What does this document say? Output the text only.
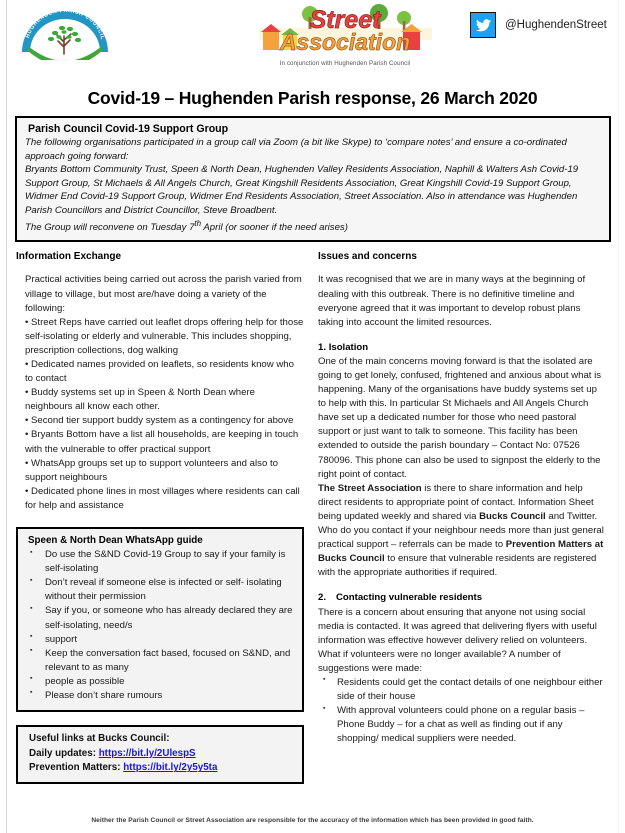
HUGHENDEN PARISH COUNCIL
Street
Association
In conjunction with Hughenden Parish Council
@HughendenStreet
Covid-19 – Hughenden Parish response, 26 March 2020
Parish Council Covid-19 Support Group
The following organisations participated in a group call via Zoom (a bit like Skype) to ‘compare notes’ and ensure a co-ordinated approach going forward:
Bryants Bottom Community Trust, Speen & North Dean, Hughenden Valley Residents Association, Naphill & Walters Ash Covid-19 Support Group, St Michaels & All Angels Church, Great Kingshill Residents Association, Great Kingshill Covid-19 Support Group, Widmer End Covid-19 Support Group, Widmer End Residents Association, Street Association. Also in attendance was Hughenden Parish Councillors and District Councillor, Steve Broadbent.
The Group will reconvene on Tuesday 7th April (or sooner if the need arises)
Information Exchange

Practical activities being carried out across the parish varied from village to village, but most are/have doing a variety of the following:

• Street Reps have carried out leaflet drops offering help for those self-isolating or elderly and vulnerable. This includes shopping, prescription collections, dog walking

• Dedicated names provided on leaflets, so residents know who to contact

• Buddy systems set up in Speen & North Dean where neighbours all know each other.

• Second tier support buddy system as a contingency for above

• Bryants Bottom have a list all households, are keeping in touch with the vulnerable to offer practical support

• WhatsApp groups set up to support volunteers and also to support neighbours

• Dedicated phone lines in most villages where residents can call for help and assistance

Speen & North Dean WhatsApp guide
▪ Do use the S&ND Covid-19 Group to say if your family is self-isolating
▪ Don’t reveal if someone else is infected or self- isolating without their permission
▪ Say if you, or someone who has already declared they are self-isolating, need/s
▪ support
▪ Keep the conversation fact based, focused on S&ND, and relevant to as many
▪ people as possible
▪ Please don’t share rumours
Useful links at Bucks Council:
Daily updates: https://bit.ly/2UlespS
Prevention Matters: https://bit.ly/2y5y5ta
Issues and concerns

It was recognised that we are in many ways at the beginning of dealing with this outbreak. There is no definitive timeline and everyone agreed that it was important to develop robust plans taking into account the limited resources.

1. Isolation

One of the main concerns moving forward is that the isolated are going to get lonely, confused, frightened and anxious about what is happening. Many of the organisations have buddy systems set up to help with this. In particular St Michaels and All Angels Church have set up a dedicated number for those who need pastoral support or just want to talk to someone. This facility has been extended to outside the parish boundary – Contact No: 07526 780096. This phone can also be used to signpost the elderly to the right point of contact.

The Street Association is there to share information and help direct residents to appropriate point of contact. Information Sheet being updated weekly and shared via Bucks Council and Twitter. Who do you contact if your neighbour needs more than just general practical support – referrals can be made to Prevention Matters at Bucks Council to ensure that vulnerable residents are registered with the appropriate authorities if required.

2. Contacting vulnerable residents

There is a concern about ensuring that anyone not using social media is contacted. It was agreed that delivering flyers with useful information was effective however delivery relied on volunteers. What if volunteers were no longer available? A number of suggestions were made:

▪ Residents could get the contact details of one neighbour either side of their house
▪ With approval volunteers could phone on a regular basis – Phone Buddy – for a chat as well as finding out if any shopping/ medical suppliers were needed.
Neither the Parish Council or Street Association are responsible for the accuracy of the information which has been provided in good faith.
